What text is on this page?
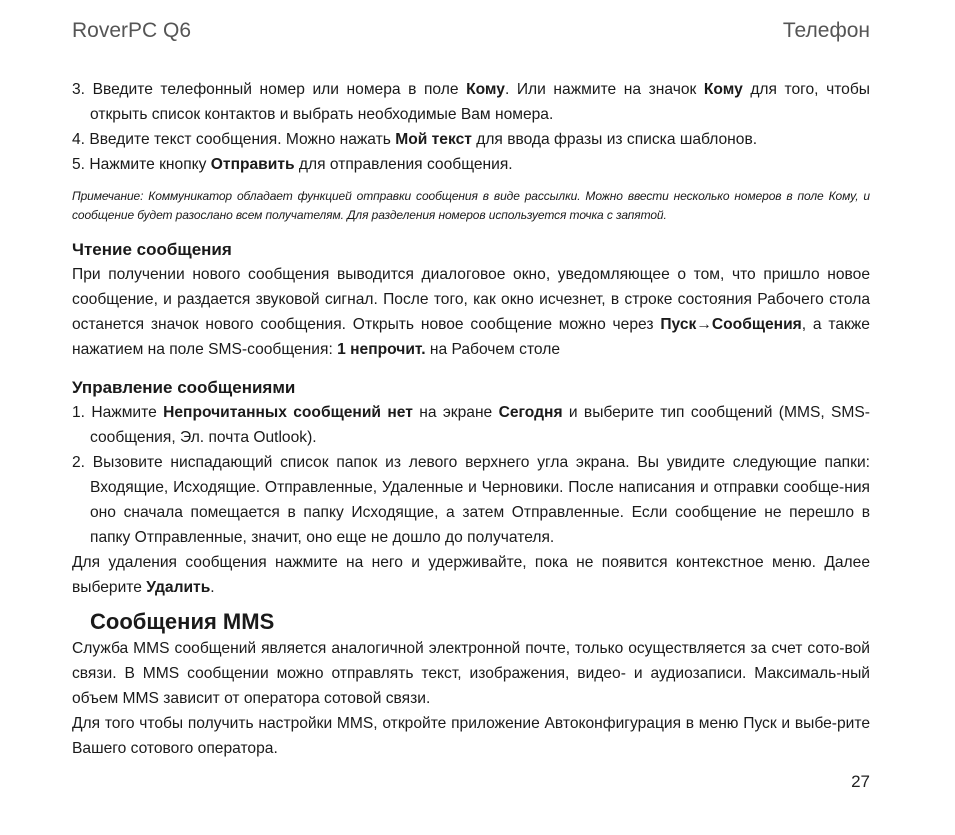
RoverPC Q6	Телефон

3. Введите телефонный номер или номера в поле Кому. Или нажмите на значок Кому для того, чтобы открыть список контактов и выбрать необходимые Вам номера.

4. Введите текст сообщения. Можно нажать Мой текст для ввода фразы из списка шаблонов.

5. Нажмите кнопку Отправить для отправления сообщения.

Примечание: Коммуникатор обладает функцией отправки сообщения в виде рассылки. Можно ввести несколько номеров в поле Кому, и сообщение будет разослано всем получателям. Для разделения номеров используется точка с запятой.

Чтение сообщения

При получении нового сообщения выводится диалоговое окно, уведомляющее о том, что пришло новое сообщение, и раздается звуковой сигнал. После того, как окно исчезнет, в строке состояния Рабочего стола останется значок нового сообщения. Открыть новое сообщение можно через Пуск→Сообщения, а также нажатием на поле SMS-сообщения: 1 непрочит. на Рабочем столе

Управление сообщениями

1. Нажмите Непрочитанных сообщений нет на экране Сегодня и выберите тип сообщений (MMS, SMS-сообщения, Эл. почта Outlook).

2. Вызовите ниспадающий список папок из левого верхнего угла экрана. Вы увидите следующие папки: Входящие, Исходящие. Отправленные, Удаленные и Черновики. После написания и отправки сообще-ния оно сначала помещается в папку Исходящие, а затем Отправленные. Если сообщение не перешло в папку Отправленные, значит, оно еще не дошло до получателя.

Для удаления сообщения нажмите на него и удерживайте, пока не появится контекстное меню. Далее выберите Удалить.

Сообщения MMS

Служба MMS сообщений является аналогичной электронной почте, только осуществляется за счет сото-вой связи. В MMS сообщении можно отправлять текст, изображения, видео- и аудиозаписи. Максималь-ный объем MMS зависит от оператора сотовой связи.

Для того чтобы получить настройки MMS, откройте приложение Автоконфигурация в меню Пуск и выбе-рите Вашего сотового оператора.

27
